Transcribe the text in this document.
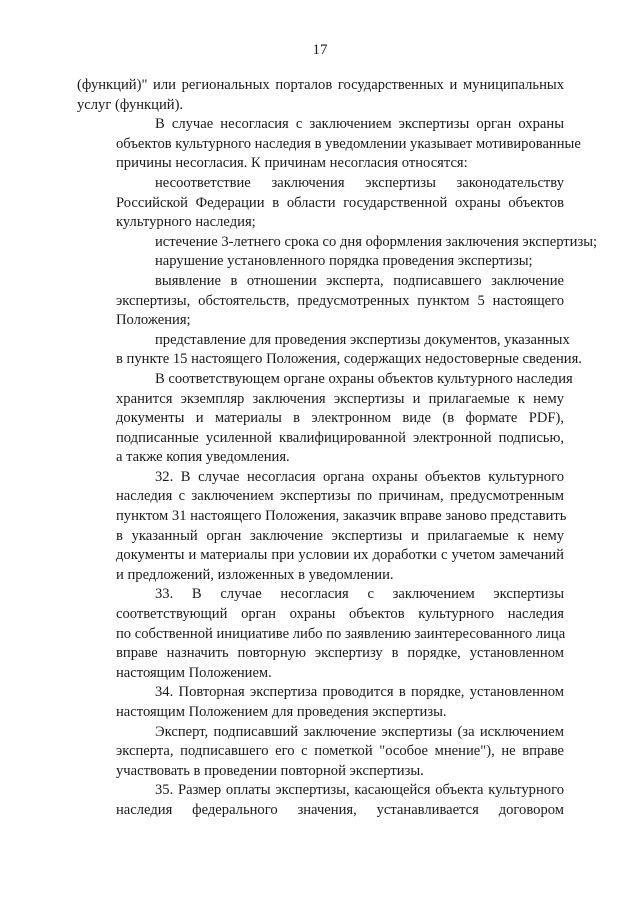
17
(функций)" или региональных порталов государственных и муниципальных
услуг (функций).
В случае несогласия с заключением экспертизы орган охраны
объектов культурного наследия в уведомлении указывает мотивированные
причины несогласия. К причинам несогласия относятся:
несоответствие заключения экспертизы законодательству
Российской Федерации в области государственной охраны объектов
культурного наследия;
истечение 3-летнего срока со дня оформления заключения экспертизы;
нарушение установленного порядка проведения экспертизы;
выявление в отношении эксперта, подписавшего заключение
экспертизы, обстоятельств, предусмотренных пунктом 5 настоящего
Положения;
представление для проведения экспертизы документов, указанных
в пункте 15 настоящего Положения, содержащих недостоверные сведения.
В соответствующем органе охраны объектов культурного наследия
хранится экземпляр заключения экспертизы и прилагаемые к нему
документы и материалы в электронном виде (в формате PDF),
подписанные усиленной квалифицированной электронной подписью,
а также копия уведомления.
32. В случае несогласия органа охраны объектов культурного
наследия с заключением экспертизы по причинам, предусмотренным
пунктом 31 настоящего Положения, заказчик вправе заново представить
в указанный орган заключение экспертизы и прилагаемые к нему
документы и материалы при условии их доработки с учетом замечаний
и предложений, изложенных в уведомлении.
33. В случае несогласия с заключением экспертизы
соответствующий орган охраны объектов культурного наследия
по собственной инициативе либо по заявлению заинтересованного лица
вправе назначить повторную экспертизу в порядке, установленном
настоящим Положением.
34. Повторная экспертиза проводится в порядке, установленном
настоящим Положением для проведения экспертизы.
Эксперт, подписавший заключение экспертизы (за исключением
эксперта, подписавшего его с пометкой "особое мнение"), не вправе
участвовать в проведении повторной экспертизы.
35. Размер оплаты экспертизы, касающейся объекта культурного
наследия федерального значения, устанавливается договором
